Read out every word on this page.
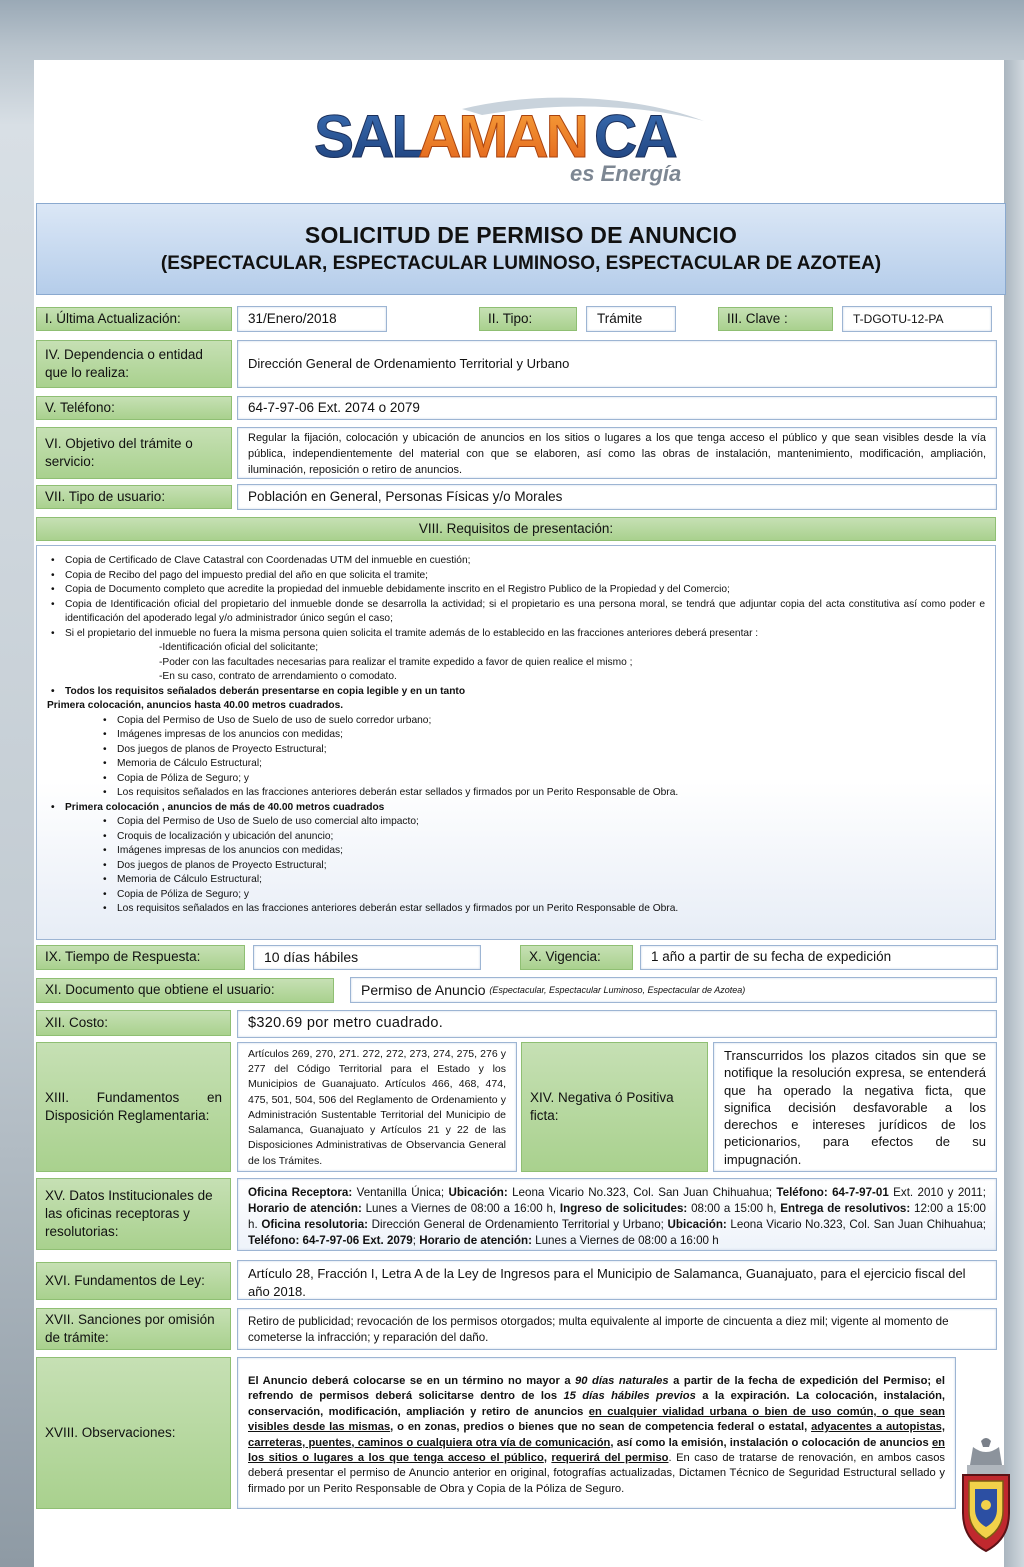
SAL
AMAN CA
es Energía
SOLICITUD DE PERMISO DE ANUNCIO
(ESPECTACULAR, ESPECTACULAR LUMINOSO, ESPECTACULAR DE AZOTEA)
I. Última Actualización:	31/Enero/2018	II. Tipo:	Trámite	III. Clave :	T-DGOTU-12-PA
IV. Dependencia o entidad que lo realiza:
Dirección General de Ordenamiento Territorial y Urbano
V. Teléfono:	64-7-97-06 Ext. 2074 o 2079
VI. Objetivo del trámite o servicio:
Regular la fijación, colocación y ubicación de anuncios en los sitios o lugares a los que tenga acceso el público y que sean visibles desde la vía pública, independientemente del material con que se elaboren, así como las obras de instalación, mantenimiento, modificación, ampliación, iluminación, reposición o retiro de anuncios.
VII. Tipo de usuario:	Población en General, Personas Físicas y/o Morales
VIII. Requisitos de presentación:
• Copia de Certificado de Clave Catastral con Coordenadas UTM del inmueble en cuestión;
• Copia de Recibo del pago del impuesto predial del año en que solicita el tramite;
• Copia de Documento completo que acredite la propiedad del inmueble debidamente inscrito en el Registro Publico de la Propiedad y del Comercio;
• Copia de Identificación oficial del propietario del inmueble donde se desarrolla la actividad; si el propietario es una persona moral, se tendrá que adjuntar copia del acta constitutiva así como poder e identificación del apoderado legal y/o administrador único según el caso;
• Si el propietario del inmueble no fuera la misma persona quien solicita el tramite además de lo establecido en las fracciones anteriores deberá presentar :
-Identificación oficial del solicitante;
-Poder con las facultades necesarias para realizar el tramite expedido a favor de quien realice el mismo ;
-En su caso, contrato de arrendamiento o comodato.
• Todos los requisitos señalados deberán presentarse en copia legible y en un tanto
Primera colocación, anuncios hasta 40.00 metros cuadrados.
• Copia del Permiso de Uso de Suelo de uso de suelo corredor urbano;
• Imágenes impresas de los anuncios con medidas;
• Dos juegos de planos de Proyecto Estructural;
• Memoria de Cálculo Estructural;
• Copia de Póliza de Seguro; y
• Los requisitos señalados en las fracciones anteriores deberán estar sellados y firmados por un Perito Responsable de Obra.
• Primera colocación , anuncios de más de 40.00 metros cuadrados
• Copia del Permiso de Uso de Suelo de uso comercial alto impacto;
• Croquis de localización y ubicación del anuncio;
• Imágenes impresas de los anuncios con medidas;
• Dos juegos de planos de Proyecto Estructural;
• Memoria de Cálculo Estructural;
• Copia de Póliza de Seguro; y
• Los requisitos señalados en las fracciones anteriores deberán estar sellados y firmados por un Perito Responsable de Obra.
IX. Tiempo de Respuesta:	10 días hábiles	X. Vigencia:	1 año a partir de su fecha de expedición
XI. Documento que obtiene el usuario:	Permiso de Anuncio
(Espectacular, Espectacular Luminoso, Espectacular de Azotea)
XII. Costo:	$320.69 por metro cuadrado.
XIII. Fundamentos en Disposición Reglamentaria:
Artículos 269, 270, 271. 272, 272, 273, 274, 275, 276 y 277 del Código Territorial para el Estado y los Municipios de Guanajuato. Artículos 466, 468, 474, 475, 501, 504, 506 del Reglamento de Ordenamiento y Administración Sustentable Territorial del Municipio de Salamanca, Guanajuato y Artículos 21 y 22 de las Disposiciones Administrativas de Observancia General de los Trámites.
XIV. Negativa ó Positiva ficta:
Transcurridos los plazos citados sin que se notifique la resolución expresa, se entenderá que ha operado la negativa ficta, que significa decisión desfavorable a los derechos e intereses jurídicos de los peticionarios, para efectos de su impugnación.
XV. Datos Institucionales de las oficinas receptoras y resolutorias:
Oficina Receptora: Ventanilla Única; Ubicación: Leona Vicario No.323, Col. San Juan Chihuahua; Teléfono: 64-7-97-01 Ext. 2010 y 2011; Horario de atención: Lunes a Viernes de 08:00 a 16:00 h, Ingreso de solicitudes: 08:00 a 15:00 h, Entrega de resolutivos: 12:00 a 15:00 h. Oficina resolutoria: Dirección General de Ordenamiento Territorial y Urbano; Ubicación: Leona Vicario No.323, Col. San Juan Chihuahua; Teléfono: 64-7-97-06 Ext. 2079; Horario de atención: Lunes a Viernes de 08:00 a 16:00 h
XVI. Fundamentos de Ley:	Artículo 28, Fracción I, Letra A de la Ley de Ingresos para el Municipio de Salamanca, Guanajuato, para el ejercicio fiscal del año 2018.
XVII. Sanciones por omisión de trámite:
Retiro de publicidad; revocación de los permisos otorgados; multa equivalente al importe de cincuenta a diez mil; vigente al momento de cometerse la infracción; y reparación del daño.
XVIII. Observaciones:
El Anuncio deberá colocarse se en un término no mayor a 90 días naturales a partir de la fecha de expedición del Permiso; el refrendo de permisos deberá solicitarse dentro de los 15 días hábiles previos a la expiración. La colocación, instalación, conservación, modificación, ampliación y retiro de anuncios en cualquier vialidad urbana o bien de uso común, o que sean visibles desde las mismas, o en zonas, predios o bienes que no sean de competencia federal o estatal, adyacentes a autopistas, carreteras, puentes, caminos o cualquiera otra vía de comunicación, así como la emisión, instalación o colocación de anuncios en los sitios o lugares a los que tenga acceso el público, requerirá del permiso. En caso de tratarse de renovación, en ambos casos deberá presentar el permiso de Anuncio anterior en original, fotografías actualizadas, Dictamen Técnico de Seguridad Estructural sellado y firmado por un Perito Responsable de Obra y Copia de la Póliza de Seguro.
